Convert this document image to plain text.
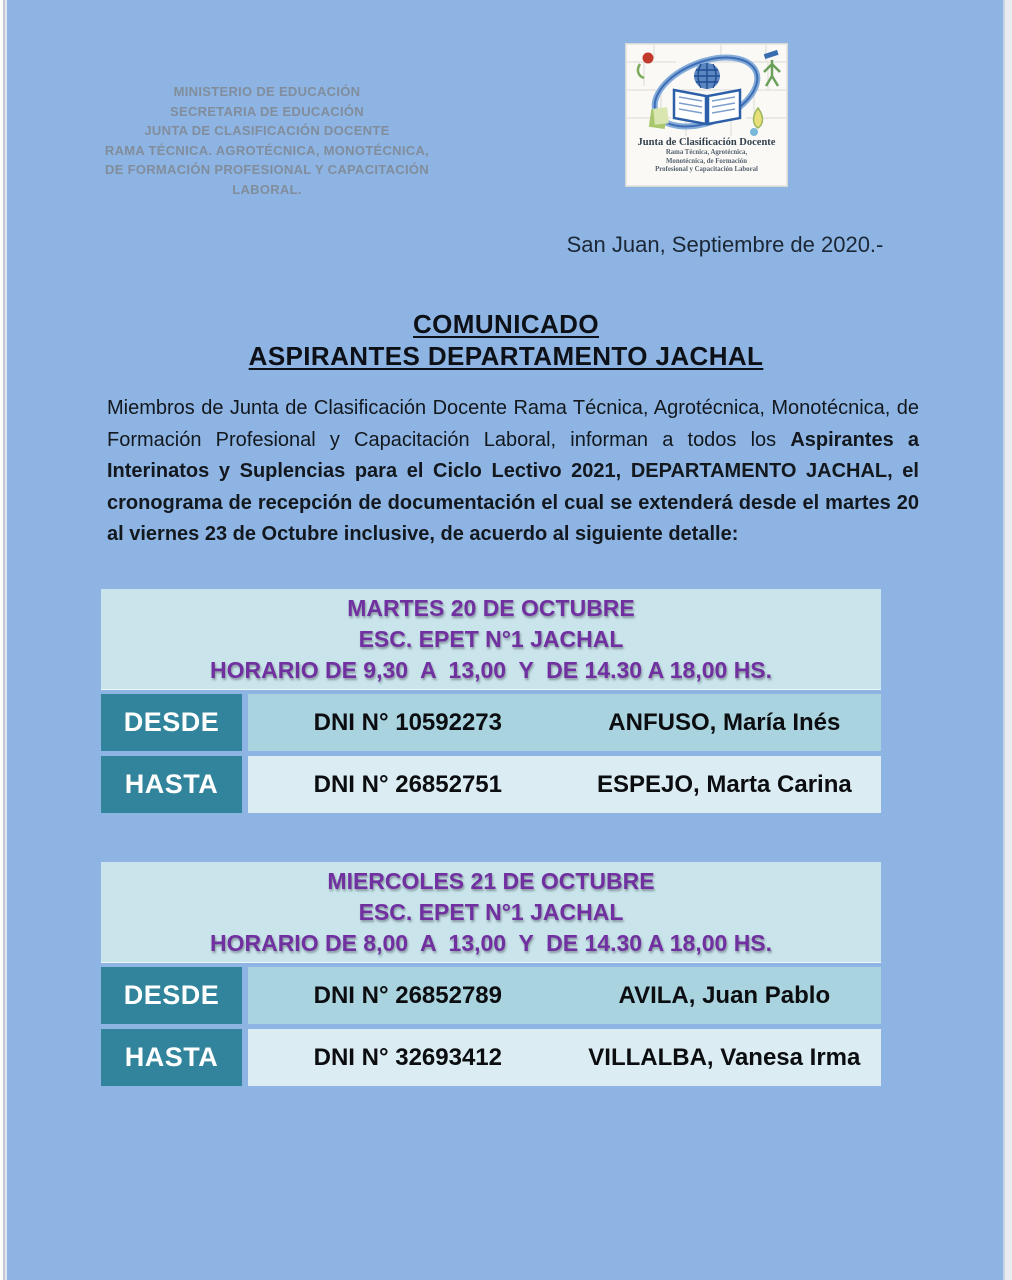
MINISTERIO DE EDUCACIÓN
SECRETARIA DE EDUCACIÓN
JUNTA DE CLASIFICACIÓN DOCENTE
RAMA TÉCNICA. AGROTÉCNICA, MONOTÉCNICA,
DE FORMACIÓN PROFESIONAL Y CAPACITACIÓN LABORAL.
Junta de Clasificación Docente
Rama Técnica, Agrotécnica,
Monotécnica, de Formación
Profesional y Capacitación Laboral
San Juan, Septiembre de 2020.-
COMUNICADO
ASPIRANTES DEPARTAMENTO JACHAL

Miembros de Junta de Clasificación Docente Rama Técnica, Agrotécnica, Monotécnica, de Formación Profesional y Capacitación Laboral, informan a todos los Aspirantes a Interinatos y Suplencias para el Ciclo Lectivo 2021, DEPARTAMENTO JACHAL, el cronograma de recepción de documentación el cual se extenderá desde el martes 20 al viernes 23 de Octubre inclusive, de acuerdo al siguiente detalle:

MARTES 20 DE OCTUBRE
ESC. EPET N°1 JACHAL
HORARIO DE 9,30  A  13,00  Y  DE 14.30 A 18,00 HS.
DESDE	DNI N° 10592273	ANFUSO, María Inés
HASTA	DNI N° 26852751	ESPEJO, Marta Carina
MIERCOLES 21 DE OCTUBRE
ESC. EPET N°1 JACHAL
HORARIO DE 8,00  A  13,00  Y  DE 14.30 A 18,00 HS.
DESDE	DNI N° 26852789	AVILA, Juan Pablo
HASTA	DNI N° 32693412	VILLALBA, Vanesa Irma
